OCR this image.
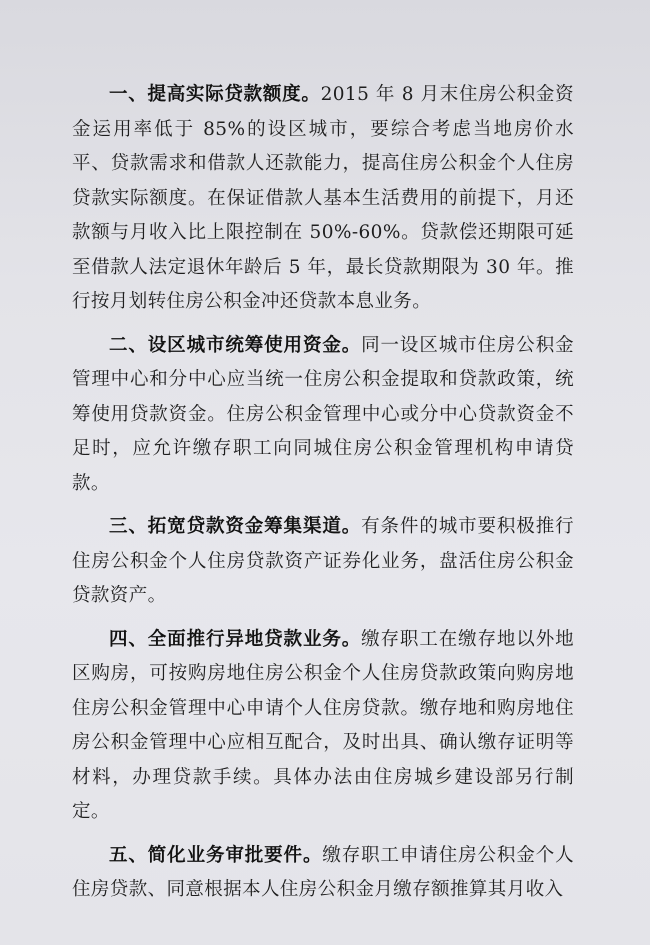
一、提高实际贷款额度。2015 年 8 月末住房公积金资金运用率低于 85%的设区城市，要综合考虑当地房价水平、贷款需求和借款人还款能力，提高住房公积金个人住房贷款实际额度。在保证借款人基本生活费用的前提下，月还款额与月收入比上限控制在 50%-60%。贷款偿还期限可延至借款人法定退休年龄后 5 年，最长贷款期限为 30 年。推行按月划转住房公积金冲还贷款本息业务。

二、设区城市统筹使用资金。同一设区城市住房公积金管理中心和分中心应当统一住房公积金提取和贷款政策，统筹使用贷款资金。住房公积金管理中心或分中心贷款资金不足时，应允许缴存职工向同城住房公积金管理机构申请贷款。

三、拓宽贷款资金筹集渠道。有条件的城市要积极推行住房公积金个人住房贷款资产证券化业务，盘活住房公积金贷款资产。

四、全面推行异地贷款业务。缴存职工在缴存地以外地区购房，可按购房地住房公积金个人住房贷款政策向购房地住房公积金管理中心申请个人住房贷款。缴存地和购房地住房公积金管理中心应相互配合，及时出具、确认缴存证明等材料，办理贷款手续。具体办法由住房城乡建设部另行制定。

五、简化业务审批要件。缴存职工申请住房公积金个人住房贷款、同意根据本人住房公积金月缴存额推算其月收入
